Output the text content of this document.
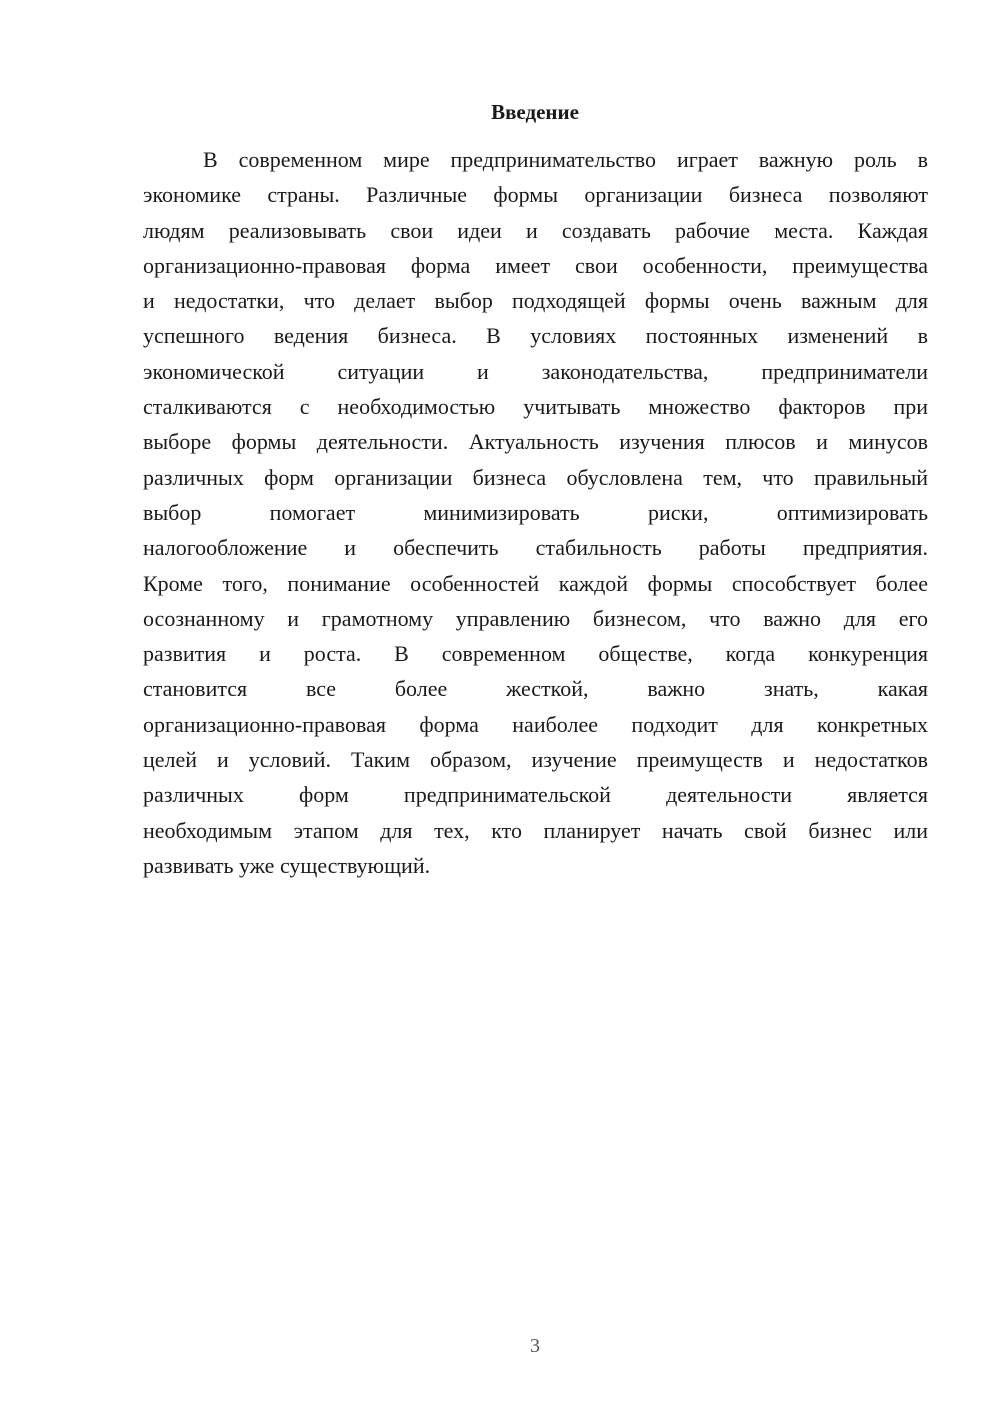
Введение
В современном мире предпринимательство играет важную роль в
экономике страны. Различные формы организации бизнеса позволяют
людям реализовывать свои идеи и создавать рабочие места. Каждая
организационно-правовая форма имеет свои особенности, преимущества
и недостатки, что делает выбор подходящей формы очень важным для
успешного ведения бизнеса. В условиях постоянных изменений в
экономической ситуации и законодательства, предприниматели
сталкиваются с необходимостью учитывать множество факторов при
выборе формы деятельности. Актуальность изучения плюсов и минусов
различных форм организации бизнеса обусловлена тем, что правильный
выбор помогает минимизировать риски, оптимизировать
налогообложение и обеспечить стабильность работы предприятия.
Кроме того, понимание особенностей каждой формы способствует более
осознанному и грамотному управлению бизнесом, что важно для его
развития и роста. В современном обществе, когда конкуренция
становится все более жесткой, важно знать, какая
организационно-правовая форма наиболее подходит для конкретных
целей и условий. Таким образом, изучение преимуществ и недостатков
различных форм предпринимательской деятельности является
необходимым этапом для тех, кто планирует начать свой бизнес или
развивать уже существующий.
3
